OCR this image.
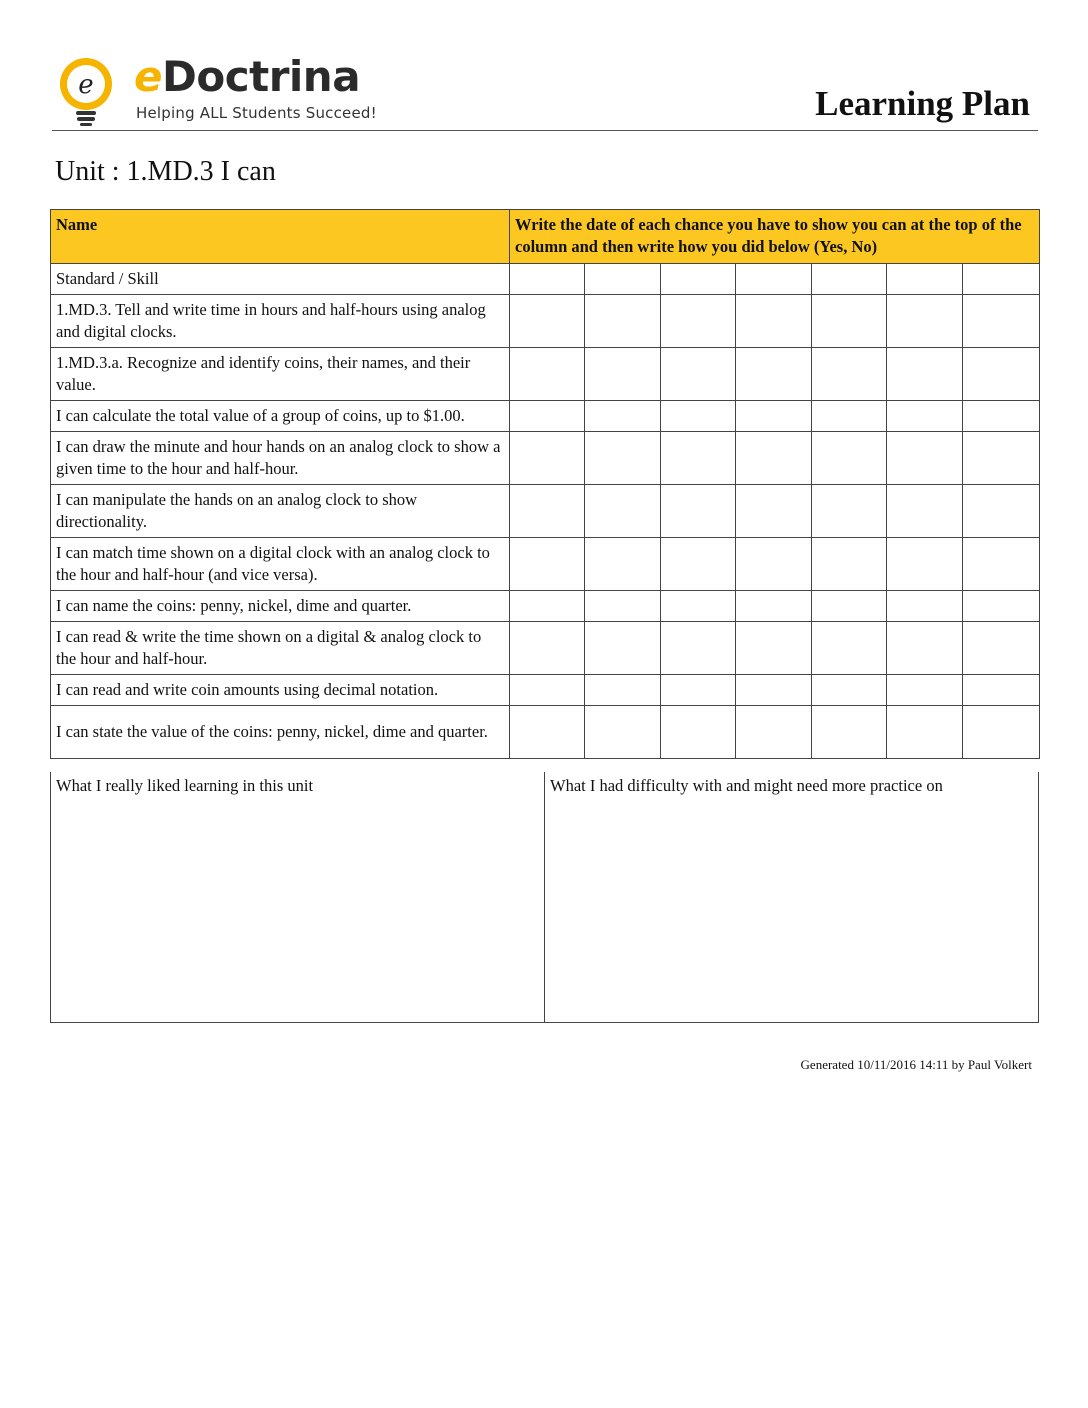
e eDoctrina
Helping ALL Students Succeed!	Learning Plan
Unit : 1.MD.3 I can
Name	Write the date of each chance you have to show you can at the top of the column and then write how you did below (Yes, No)						
Standard / Skill							
1.MD.3. Tell and write time in hours and half-hours using analog and digital clocks.							
1.MD.3.a. Recognize and identify coins, their names, and their value.							
I can calculate the total value of a group of coins, up to $1.00.							
I can draw the minute and hour hands on an analog clock to show a given time to the hour and half-hour.							
I can manipulate the hands on an analog clock to show directionality.							
I can match time shown on a digital clock with an analog clock to the hour and half-hour (and vice versa).							
I can name the coins: penny, nickel, dime and quarter.							
I can read & write the time shown on a digital & analog clock to the hour and half-hour.							
I can read and write coin amounts using decimal notation.							
I can state the value of the coins: penny, nickel, dime and quarter.							
What I really liked learning in this unit	What I had difficulty with and might need more practice on
Generated 10/11/2016 14:11 by Paul Volkert
